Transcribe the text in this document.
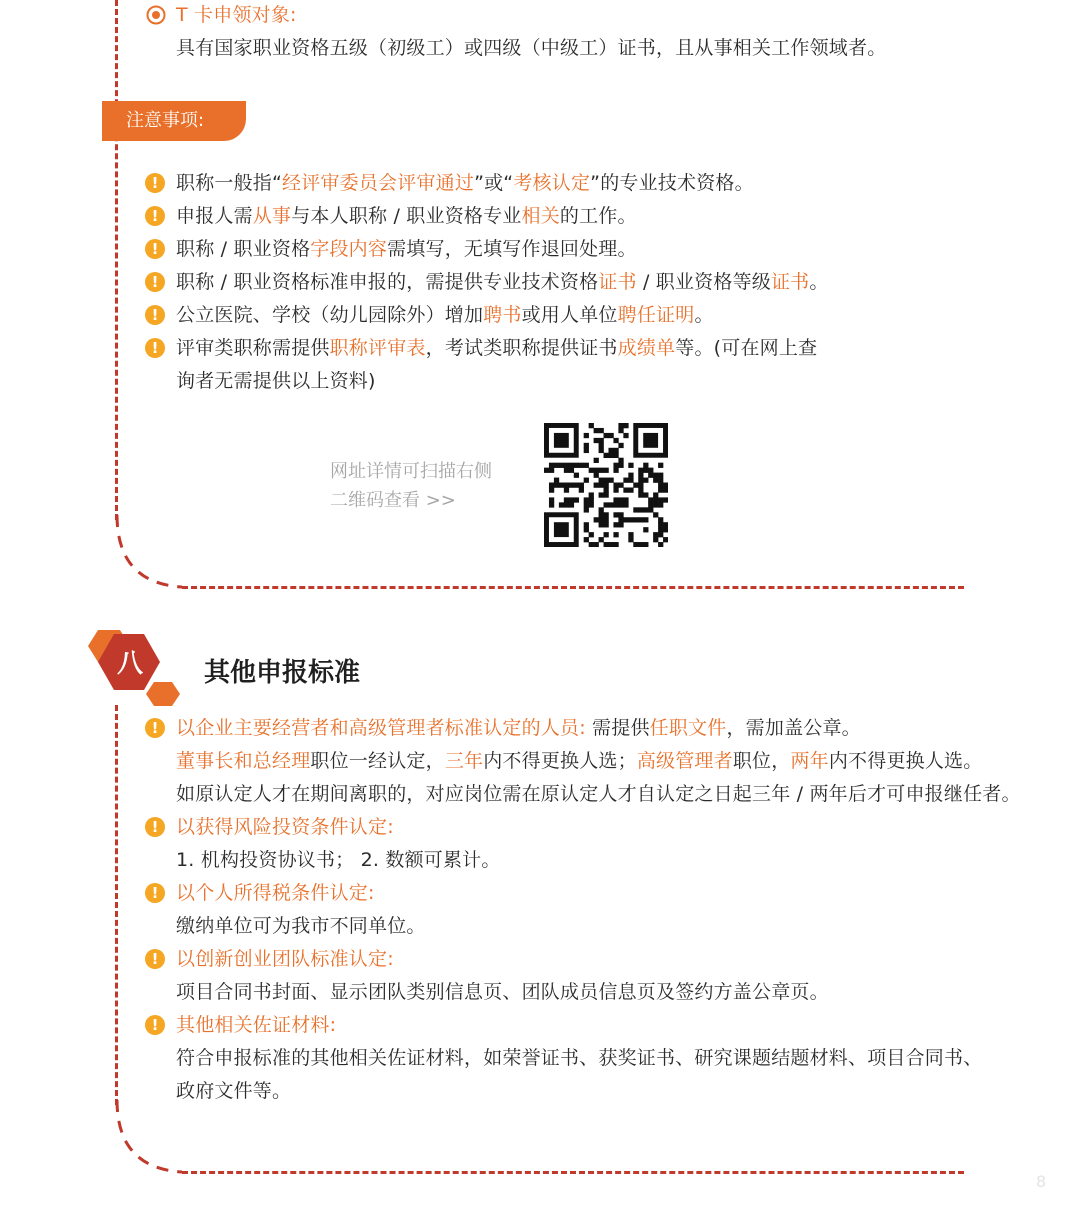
T 卡申领对象:
具有国家职业资格五级（初级工）或四级（中级工）证书，且从事相关工作领域者。
注意事项:
! 职称一般指“经评审委员会评审通过”或“考核认定”的专业技术资格。
! 申报人需从事与本人职称 / 职业资格专业相关的工作。
! 职称 / 职业资格字段内容需填写，无填写作退回处理。
! 职称 / 职业资格标准申报的，需提供专业技术资格证书 / 职业资格等级证书。
! 公立医院、学校（幼儿园除外）增加聘书或用人单位聘任证明。
! 评审类职称需提供职称评审表，考试类职称提供证书成绩单等。(可在网上查
询者无需提供以上资料)
网址详情可扫描右侧
二维码查看 >>
八	其他申报标准
! 以企业主要经营者和高级管理者标准认定的人员: 需提供任职文件，需加盖公章。
董事长和总经理职位一经认定，三年内不得更换人选；高级管理者职位，两年内不得更换人选。
如原认定人才在期间离职的，对应岗位需在原认定人才自认定之日起三年 / 两年后才可申报继任者。
! 以获得风险投资条件认定:
1. 机构投资协议书； 2. 数额可累计。
! 以个人所得税条件认定:
缴纳单位可为我市不同单位。
! 以创新创业团队标准认定:
项目合同书封面、显示团队类别信息页、团队成员信息页及签约方盖公章页。
! 其他相关佐证材料:
符合申报标准的其他相关佐证材料，如荣誉证书、获奖证书、研究课题结题材料、项目合同书、
政府文件等。
8
